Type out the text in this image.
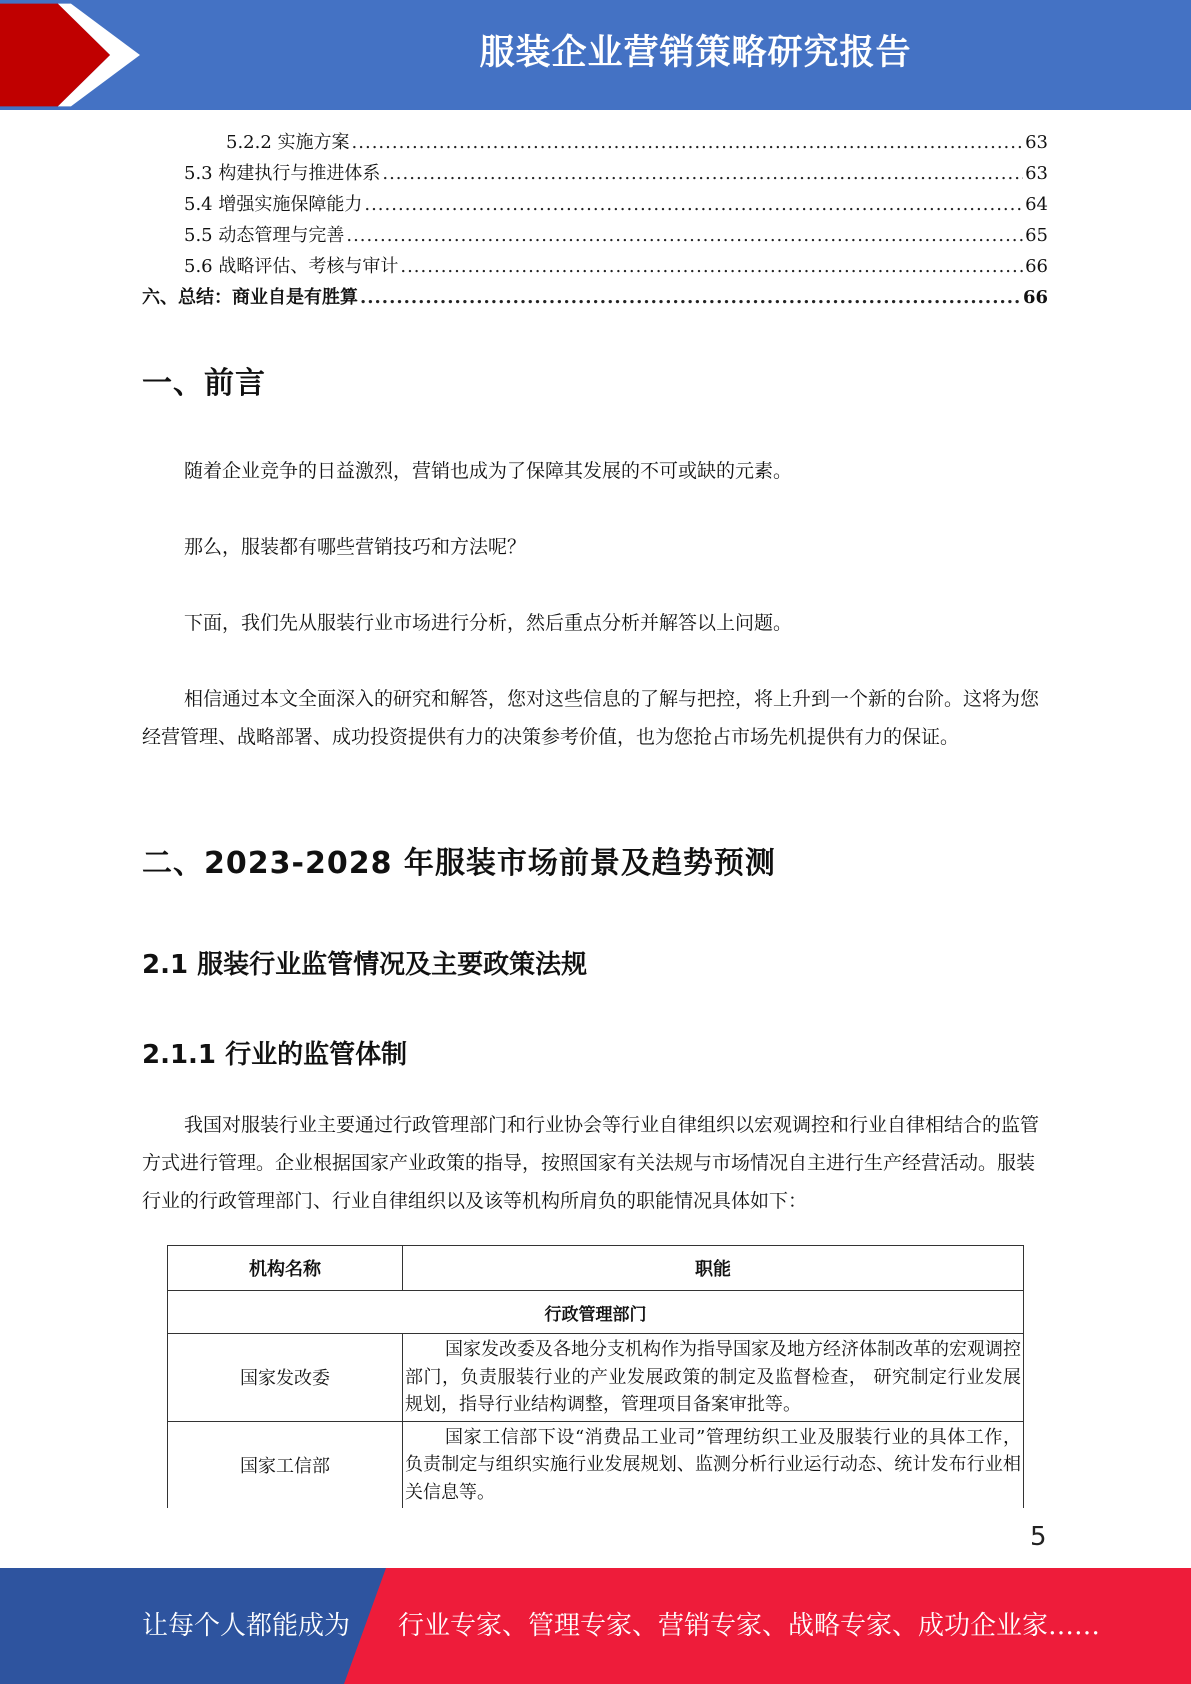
服装企业营销策略研究报告
5.2.2 实施方案 .....	63
5.3 构建执行与推进体系 .....	63
5.4 增强实施保障能力 .....	64
5.5 动态管理与完善 .....	65
5.6 战略评估、考核与审计 .....	66
六、总结：商业自是有胜算 .....	66
一、前言

随着企业竞争的日益激烈，营销也成为了保障其发展的不可或缺的元素。

那么，服装都有哪些营销技巧和方法呢？

下面，我们先从服装行业市场进行分析，然后重点分析并解答以上问题。

相信通过本文全面深入的研究和解答，您对这些信息的了解与把控，将上升到一个新的台阶。这将为您经营管理、战略部署、成功投资提供有力的决策参考价值，也为您抢占市场先机提供有力的保证。

二、2023-2028 年服装市场前景及趋势预测
2.1 服装行业监管情况及主要政策法规
2.1.1 行业的监管体制

我国对服装行业主要通过行政管理部门和行业协会等行业自律组织以宏观调控和行业自律相结合的监管方式进行管理。企业根据国家产业政策的指导，按照国家有关法规与市场情况自主进行生产经营活动。服装行业的行政管理部门、行业自律组织以及该等机构所肩负的职能情况具体如下：

机构名称	职能
行政管理部门	
国家发改委	国家发改委及各地分支机构作为指导国家及地方经济体制改革的宏观调控部门，负责服装行业的产业发展政策的制定及监督检查， 研究制定行业发展规划，指导行业结构调整，管理项目备案审批等。
国家工信部	国家工信部下设“消费品工业司”管理纺织工业及服装行业的具体工作，负责制定与组织实施行业发展规划、监测分析行业运行动态、统计发布行业相关信息等。
5
让每个人都能成为 行业专家、管理专家、营销专家、战略专家、成功企业家……
